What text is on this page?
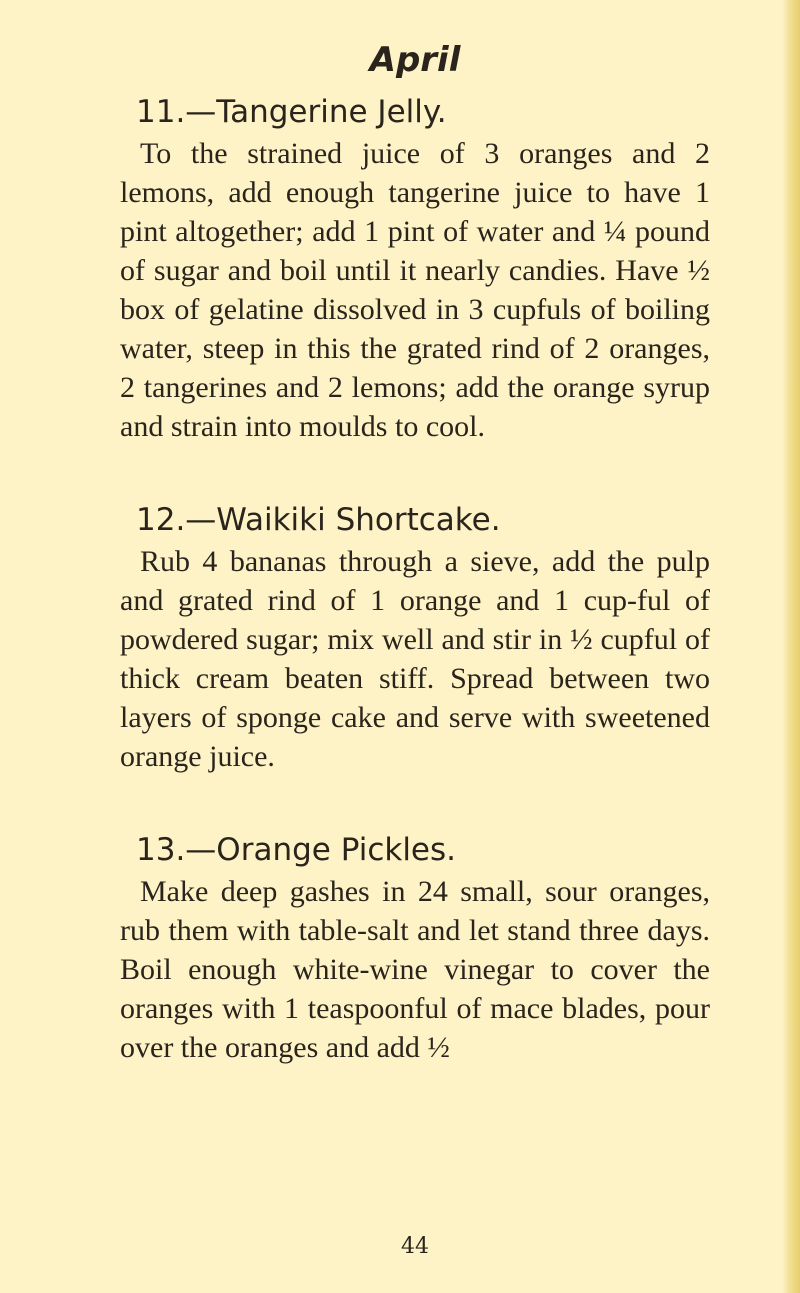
April
11.—Tangerine Jelly.

To the strained juice of 3 oranges and 2 lemons, add enough tangerine juice to have 1 pint altogether; add 1 pint of water and ¼ pound of sugar and boil until it nearly candies. Have ½ box of gelatine dissolved in 3 cupfuls of boiling water, steep in this the grated rind of 2 oranges, 2 tangerines and 2 lemons; add the orange syrup and strain into moulds to cool.

12.—Waikiki Shortcake.

Rub 4 bananas through a sieve, add the pulp and grated rind of 1 orange and 1 cup-ful of powdered sugar; mix well and stir in ½ cupful of thick cream beaten stiff. Spread between two layers of sponge cake and serve with sweetened orange juice.

13.—Orange Pickles.

Make deep gashes in 24 small, sour oranges, rub them with table-salt and let stand three days. Boil enough white-wine vinegar to cover the oranges with 1 teaspoonful of mace blades, pour over the oranges and add ½

44
